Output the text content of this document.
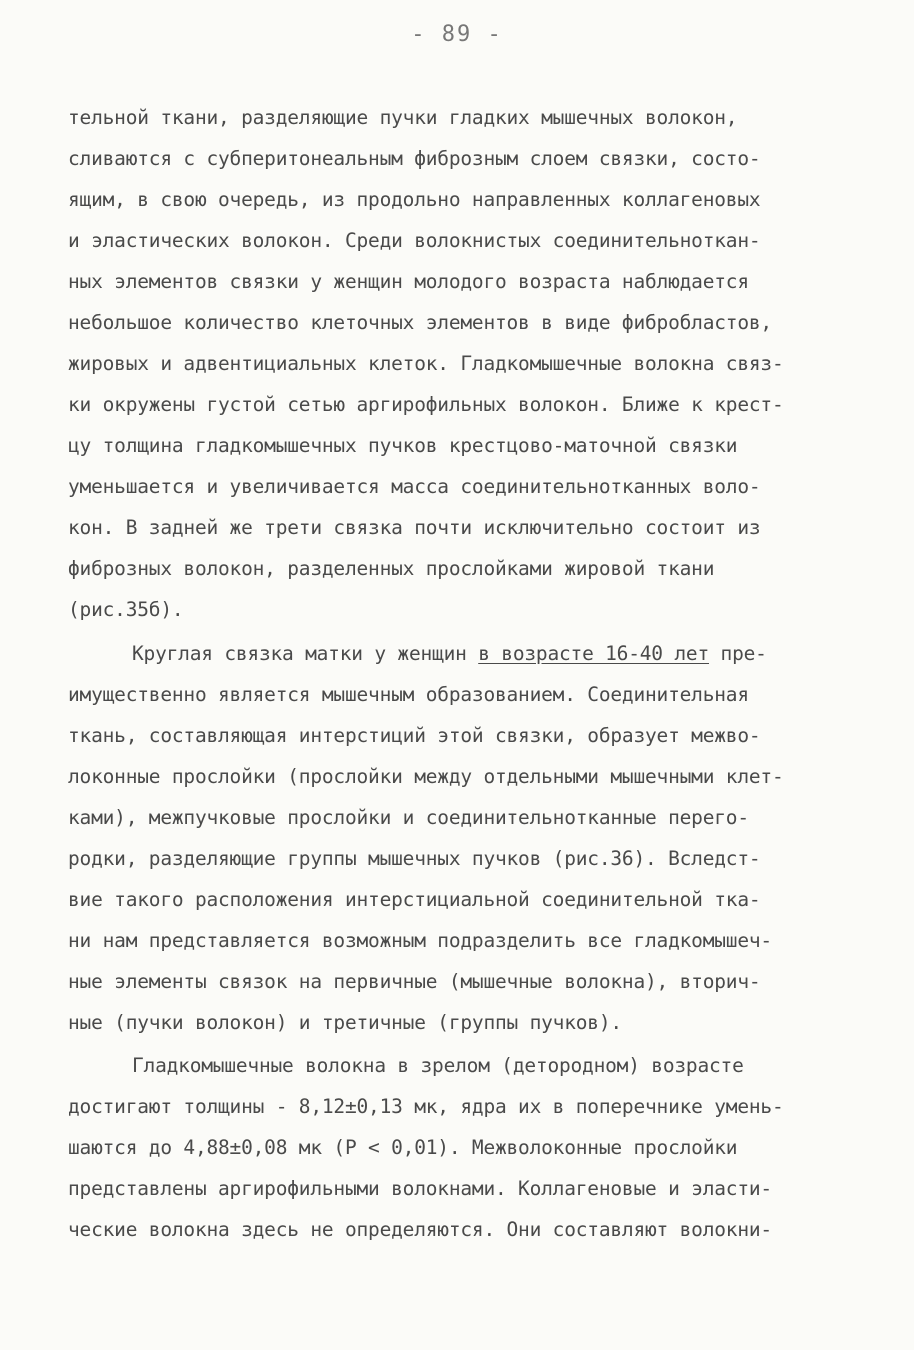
- 89 -
тельной ткани, разделяющие пучки гладких мышечных волокон,
сливаются с субперитонеальным фиброзным слоем связки, состо-
ящим, в свою очередь, из продольно направленных коллагеновых
и эластических волокон. Среди волокнистых соединительноткан-
ных элементов связки у женщин молодого возраста наблюдается
небольшое количество клеточных элементов в виде фибробластов,
жировых и адвентициальных клеток. Гладкомышечные волокна связ-
ки окружены густой сетью аргирофильных волокон. Ближе к крест-
цу толщина гладкомышечных пучков крестцово-маточной связки
уменьшается и увеличивается масса соединительнотканных воло-
кон. В задней же трети связка почти исключительно состоит из
фиброзных волокон, разделенных прослойками жировой ткани
(рис.35б).
Круглая связка матки у женщин в возрасте 16-40 лет пре-
имущественно является мышечным образованием. Соединительная
ткань, составляющая интерстиций этой связки, образует межво-
локонные прослойки (прослойки между отдельными мышечными клет-
ками), межпучковые прослойки и соединительнотканные перего-
родки, разделяющие группы мышечных пучков (рис.36). Вследст-
вие такого расположения интерстициальной соединительной тка-
ни нам представляется возможным подразделить все гладкомышеч-
ные элементы связок на первичные (мышечные волокна), вторич-
ные (пучки волокон) и третичные (группы пучков).
Гладкомышечные волокна в зрелом (детородном) возрасте
достигают толщины - 8,12±0,13 мк, ядра их в поперечнике умень-
шаются до 4,88±0,08 мк (Р < 0,01). Межволоконные прослойки
представлены аргирофильными волокнами. Коллагеновые и эласти-
ческие волокна здесь не определяются. Они составляют волокни-
